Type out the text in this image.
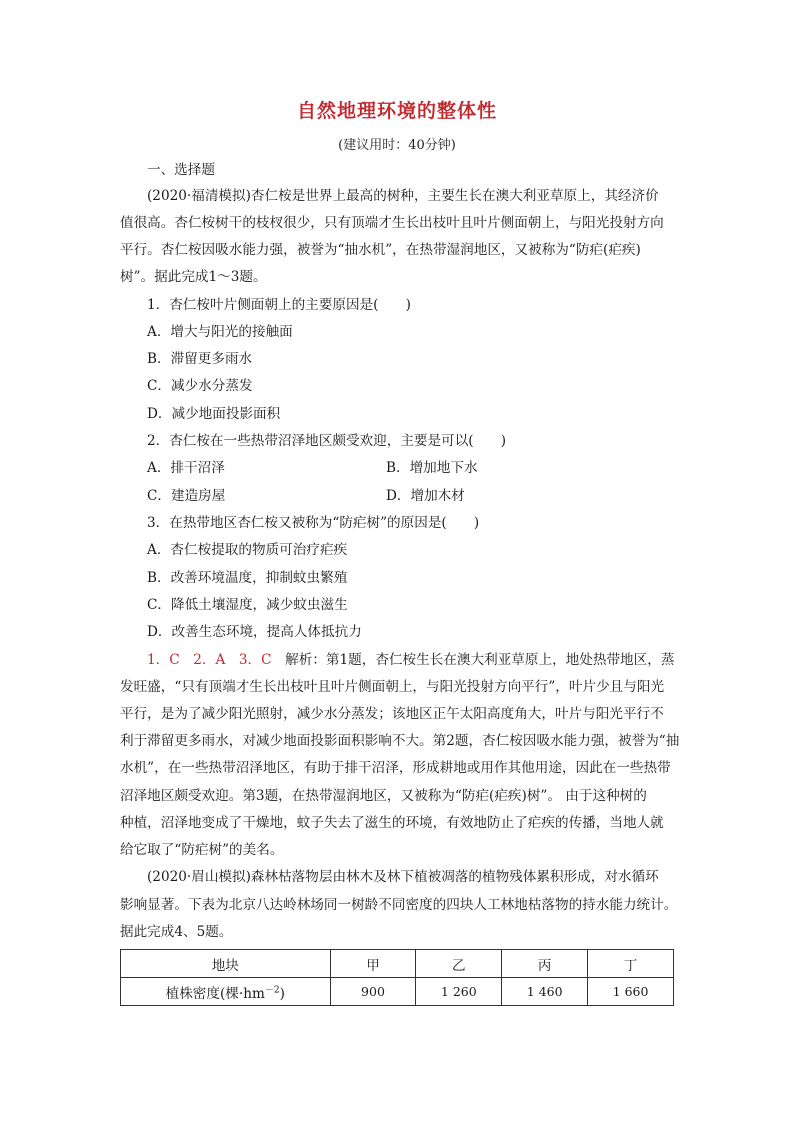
自然地理环境的整体性
(建议用时：40分钟)
一、选择题
(2020·福清模拟)杏仁桉是世界上最高的树种，主要生长在澳大利亚草原上，其经济价
值很高。杏仁桉树干的枝杈很少，只有顶端才生长出枝叶且叶片侧面朝上，与阳光投射方向
平行。杏仁桉因吸水能力强，被誉为“抽水机”，在热带湿润地区，又被称为“防疟(疟疾)
树”。据此完成1～3题。
1．杏仁桉叶片侧面朝上的主要原因是(　　)
A．增大与阳光的接触面
B．滞留更多雨水
C．减少水分蒸发
D．减少地面投影面积
2．杏仁桉在一些热带沼泽地区颇受欢迎，主要是可以(　　)
A．排干沼泽	B．增加地下水
C．建造房屋	D．增加木材
3．在热带地区杏仁桉又被称为“防疟树”的原因是(　　)
A．杏仁桉提取的物质可治疗疟疾
B．改善环境温度，抑制蚊虫繁殖
C．降低土壤湿度，减少蚊虫滋生
D．改善生态环境，提高人体抵抗力
1．C　2．A　3．C　 解析：第1题，杏仁桉生长在澳大利亚草原上，地处热带地区，蒸
发旺盛，“只有顶端才生长出枝叶且叶片侧面朝上，与阳光投射方向平行”，叶片少且与阳光
平行，是为了减少阳光照射，减少水分蒸发；该地区正午太阳高度角大，叶片与阳光平行不
利于滞留更多雨水，对减少地面投影面积影响不大。第2题，杏仁桉因吸水能力强，被誉为“抽
水机”，在一些热带沼泽地区，有助于排干沼泽，形成耕地或用作其他用途，因此在一些热带
沼泽地区颇受欢迎。第3题，在热带湿润地区，又被称为“防疟(疟疾)树”。 由于这种树的
种植，沼泽地变成了干燥地，蚊子失去了滋生的环境，有效地防止了疟疾的传播，当地人就
给它取了“防疟树”的美名。
(2020·眉山模拟)森林枯落物层由林木及林下植被凋落的植物残体累积形成，对水循环
影响显著。下表为北京八达岭林场同一树龄不同密度的四块人工林地枯落物的持水能力统计。
据此完成4、5题。
地块	甲	乙	丙	丁
植株密度(棵$\cdot hm^{-2}$)	900	1 260	1 460	1 660
